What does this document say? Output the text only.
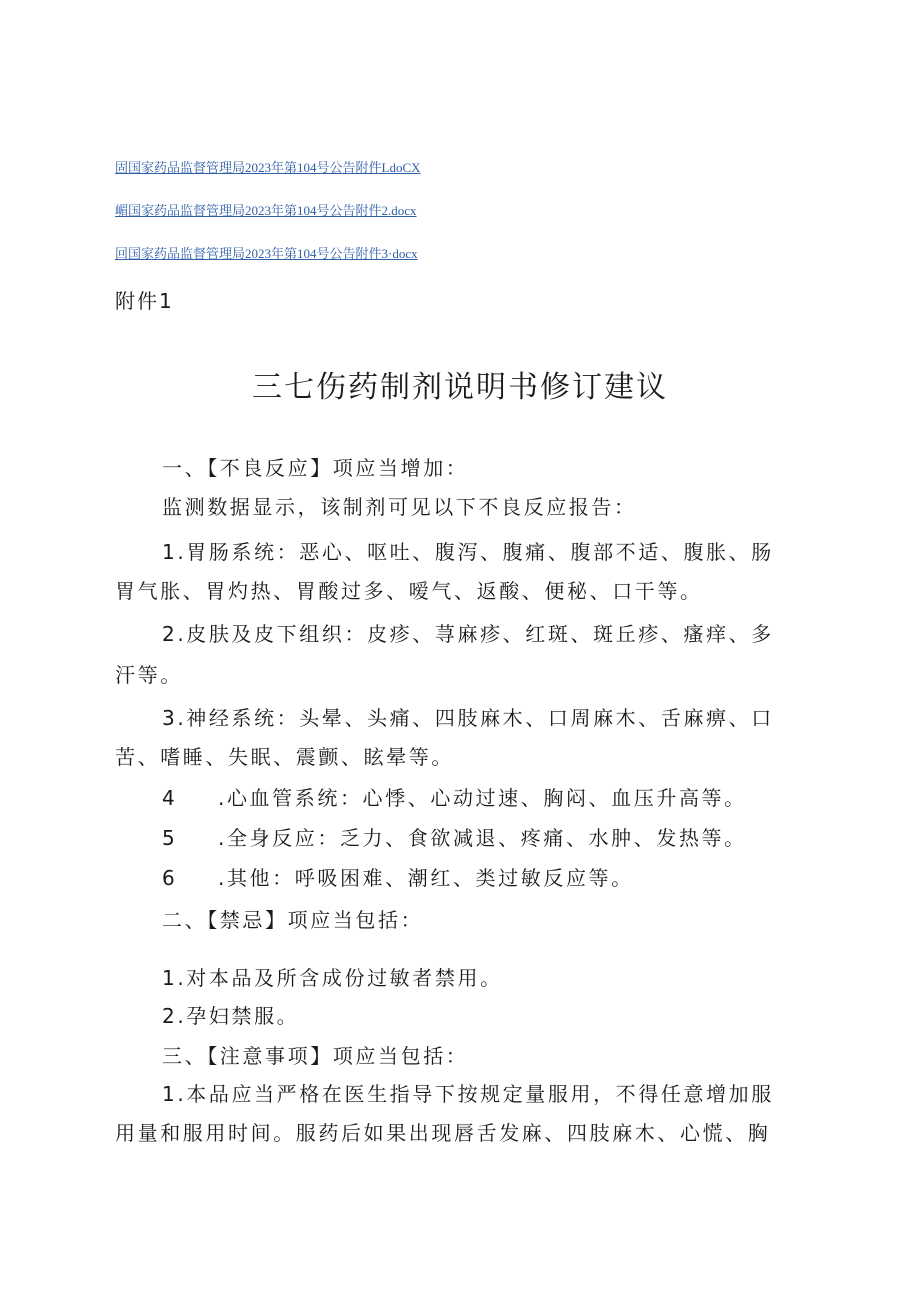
固国家药品监督管理局2023年第104号公告附件LdoCX
嵋国家药品监督管理局2023年第104号公告附件2.docx
回国家药品监督管理局2023年第104号公告附件3·docx
附件1
三七伤药制剂说明书修订建议
一、【不良反应】项应当增加：
监测数据显示，该制剂可见以下不良反应报告：
1.胃肠系统：恶心、呕吐、腹泻、腹痛、腹部不适、腹胀、肠
胃气胀、胃灼热、胃酸过多、嗳气、返酸、便秘、口干等。
2.皮肤及皮下组织：皮疹、荨麻疹、红斑、斑丘疹、瘙痒、多
汗等。
3.神经系统：头晕、头痛、四肢麻木、口周麻木、舌麻痹、口
苦、嗜睡、失眠、震颤、眩晕等。
4 .心血管系统：心悸、心动过速、胸闷、血压升高等。
5 .全身反应：乏力、食欲减退、疼痛、水肿、发热等。
6 .其他：呼吸困难、潮红、类过敏反应等。
二、【禁忌】项应当包括：
1.对本品及所含成份过敏者禁用。
2.孕妇禁服。
三、【注意事项】项应当包括：
1.本品应当严格在医生指导下按规定量服用，不得任意增加服
用量和服用时间。服药后如果出现唇舌发麻、四肢麻木、心慌、胸
